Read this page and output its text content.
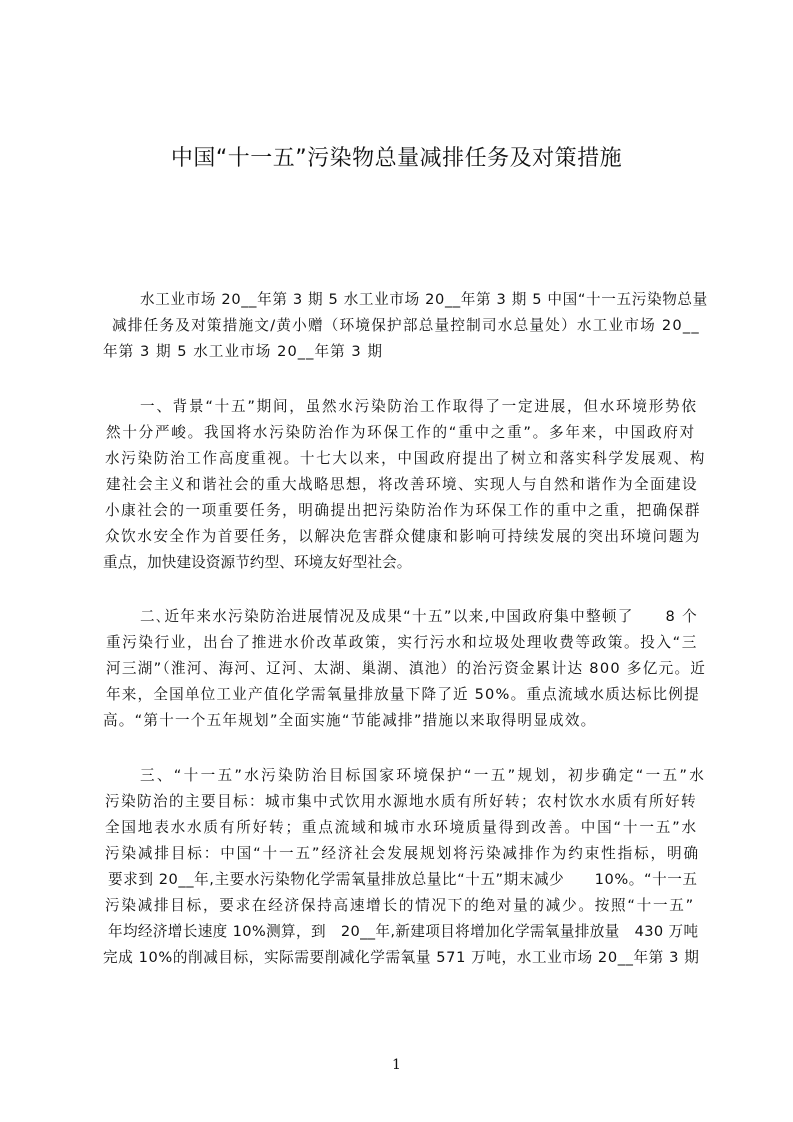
中国“十一五”污染物总量减排任务及对策措施
水工业市场 20__年第 3 期 5 水工业市场 20__年第 3 期 5 中国“十一五污染物总量
减排任务及对策措施文/黄小赠（环境保护部总量控制司水总量处）水工业市场 20__
年第 3 期 5 水工业市场 20__年第 3 期
一、背景“十五”期间，虽然水污染防治工作取得了一定进展，但水环境形势依
然十分严峻。我国将水污染防治作为环保工作的“重中之重”。多年来，中国政府对
水污染防治工作高度重视。十七大以来，中国政府提出了树立和落实科学发展观、构
建社会主义和谐社会的重大战略思想，将改善环境、实现人与自然和谐作为全面建设
小康社会的一项重要任务，明确提出把污染防治作为环保工作的重中之重，把确保群
众饮水安全作为首要任务，以解决危害群众健康和影响可持续发展的突出环境问题为
重点，加快建设资源节约型、环境友好型社会。
二､近年来水污染防治进展情况及成果“十五”以来,中国政府集中整顿了　　8 个
重污染行业，出台了推进水价改革政策，实行污水和垃圾处理收费等政策。投入“三
河三湖”（淮河、海河、辽河、太湖、巢湖、滇池）的治污资金累计达 800 多亿元。近
年来，全国单位工业产值化学需氧量排放量下降了近 50%。重点流域水质达标比例提
高。“第十一个五年规划”全面实施“节能减排”措施以来取得明显成效。
三、“十一五”水污染防治目标国家环境保护“一五”规划，初步确定“一五”水
污染防治的主要目标：城市集中式饮用水源地水质有所好转；农村饮水水质有所好转
全国地表水水质有所好转；重点流域和城市水环境质量得到改善。中国“十一五”水
污染减排目标：中国“十一五”经济社会发展规划将污染减排作为约束性指标，明确
要求到 20__年,主要水污染物化学需氧量排放总量比“十五”期末减少　　10%。“十一五
污染减排目标，要求在经济保持高速增长的情况下的绝对量的减少。按照“十一五”
年均经济增长速度 10%测算，到　20__年,新建项目将增加化学需氧量排放量　430 万吨
完成 10%的削减目标，实际需要削减化学需氧量 571 万吨，水工业市场 20__年第 3 期
1
